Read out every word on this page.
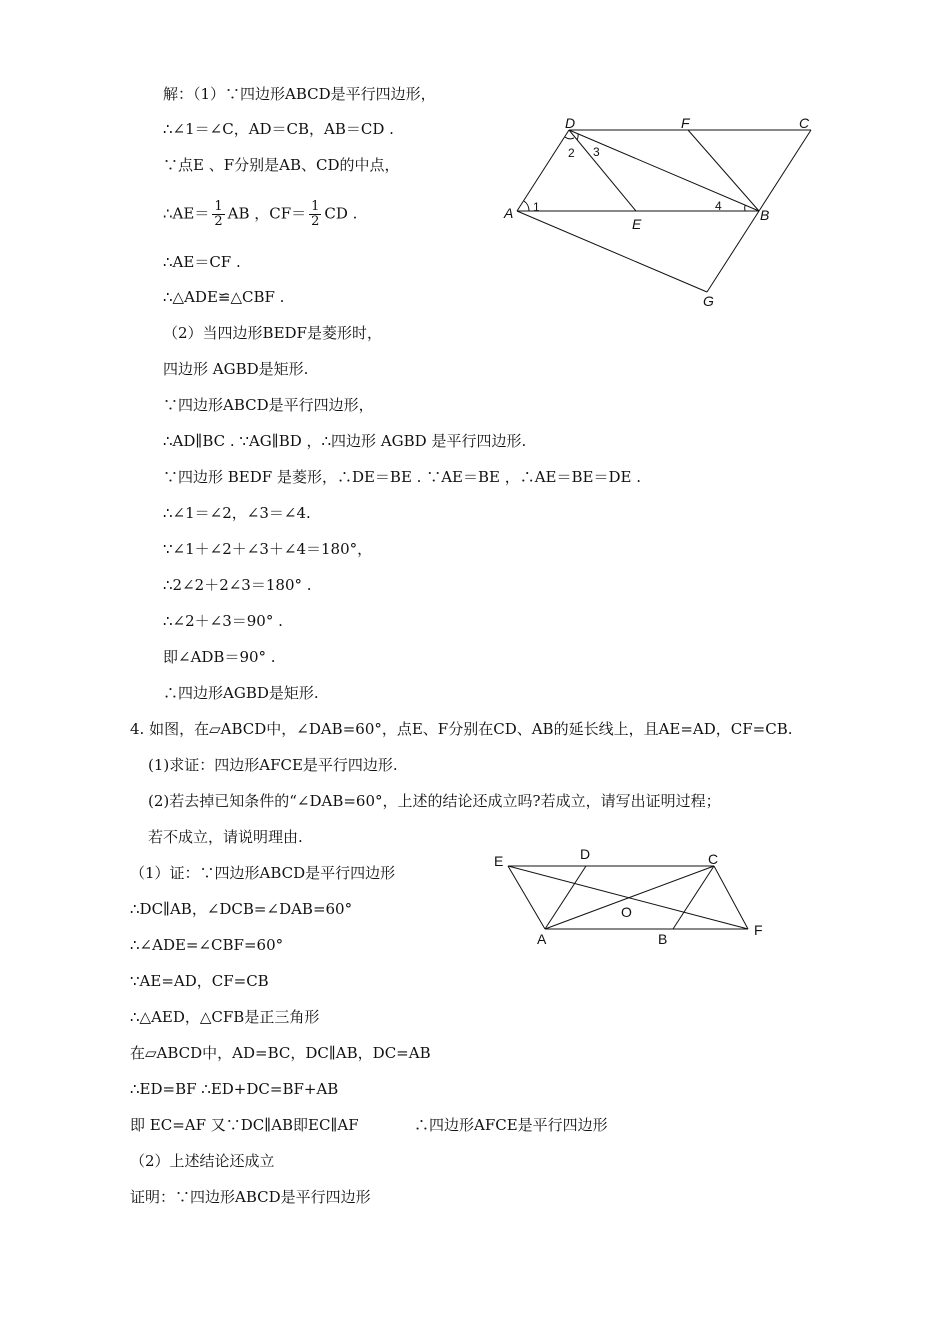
解：（1）∵四边形ABCD是平行四边形，
∴∠1＝∠C，AD＝CB，AB＝CD .
∵点E 、F分别是AB、CD的中点，
∴AE＝ $\frac{1}{2}$ AB ，$CF= \frac{1}{2}$ CD .
∴AE＝CF .
∴△ADE≌△CBF .
（2）当四边形BEDF是菱形时，
四边形 AGBD是矩形.
∵四边形ABCD是平行四边形，
∴AD∥BC . ∵AG∥BD ，∴四边形 AGBD 是平行四边形.
∵四边形 BEDF 是菱形，∴DE＝BE . ∵AE＝BE ，∴AE＝BE＝DE .
∴∠1＝∠2，∠3＝∠4.
∵∠1＋∠2＋∠3＋∠4＝180°，
∴2∠2＋2∠3＝180° .
∴∠2＋∠3＝90° .
即∠ADB＝90° .
∴四边形AGBD是矩形.
D	F	C
A
E
B
G
1
2 3
4
4. 如图，在▱ABCD中，∠DAB=60°，点E、F分别在CD、AB的延长线上，且AE=AD，CF=CB.
(1)求证：四边形AFCE是平行四边形.
(2)若去掉已知条件的“∠DAB=60°，上述的结论还成立吗?若成立，请写出证明过程；
若不成立，请说明理由.
（1）证：∵四边形ABCD是平行四边形
∴DC∥AB，∠DCB=∠DAB=60°
∴∠ADE=∠CBF=60°
∵AE=AD，CF=CB
∴△AED，△CFB是正三角形
在▱ABCD中，AD=BC，DC∥AB，DC=AB
∴ED=BF ∴ED+DC=BF+AB
即 EC=AF 又∵DC∥AB即EC∥AF	∴四边形AFCE是平行四边形
（2）上述结论还成立
证明：∵四边形ABCD是平行四边形
E	D	C
O
A	B
F
